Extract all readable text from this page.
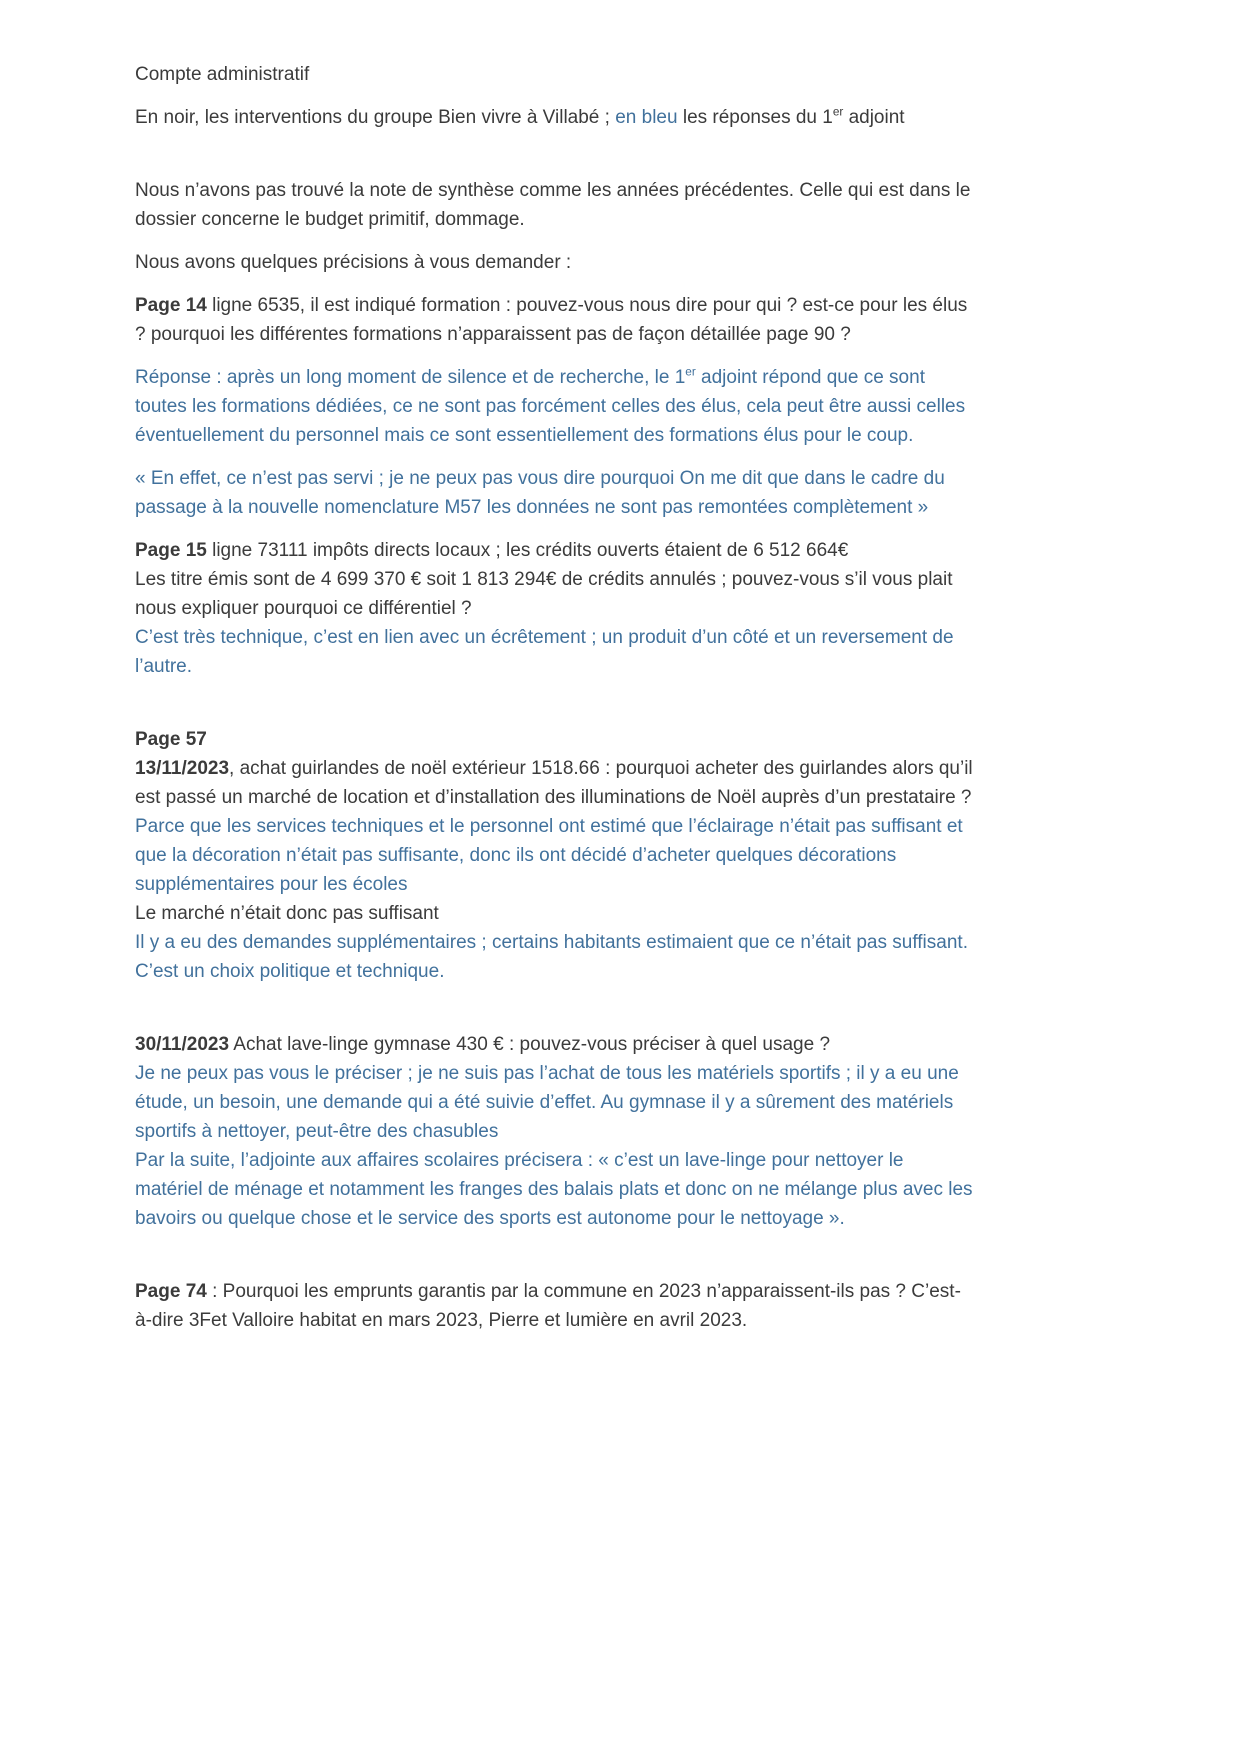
Compte administratif

En noir, les interventions du groupe Bien vivre à Villabé ; en bleu les réponses du 1er adjoint

Nous n’avons pas trouvé la note de synthèse comme les années précédentes. Celle qui est dans le dossier concerne le budget primitif, dommage.

Nous avons quelques précisions à vous demander :

Page 14 ligne 6535, il est indiqué formation : pouvez-vous nous dire pour qui ? est-ce pour les élus ? pourquoi les différentes formations n’apparaissent pas de façon détaillée page 90 ?

Réponse : après un long moment de silence et de recherche, le 1er adjoint répond que ce sont toutes les formations dédiées, ce ne sont pas forcément celles des élus, cela peut être aussi celles éventuellement du personnel mais ce sont essentiellement des formations élus pour le coup.

« En effet, ce n’est pas servi ; je ne peux pas vous dire pourquoi On me dit que dans le cadre du passage à la nouvelle nomenclature M57 les données ne sont pas remontées complètement »

Page 15 ligne 73111 impôts directs locaux ; les crédits ouverts étaient de 6 512 664€
Les titre émis sont de 4 699 370 € soit 1 813 294€ de crédits annulés ; pouvez-vous s’il vous plait nous expliquer pourquoi ce différentiel ?

C’est très technique, c’est en lien avec un écrêtement ; un produit d’un côté et un reversement de l’autre.

Page 57

13/11/2023, achat guirlandes de noël extérieur 1518.66 : pourquoi acheter des guirlandes alors qu’il est passé un marché de location et d’installation des illuminations de Noël auprès d’un prestataire ?

Parce que les services techniques et le personnel ont estimé que l’éclairage n’était pas suffisant et que la décoration n’était pas suffisante, donc ils ont décidé d’acheter quelques décorations supplémentaires pour les écoles

Le marché n’était donc pas suffisant

Il y a eu des demandes supplémentaires ; certains habitants estimaient que ce n’était pas suffisant. C’est un choix politique et technique.

30/11/2023 Achat lave-linge gymnase 430 € : pouvez-vous préciser à quel usage ?

Je ne peux pas vous le préciser ; je ne suis pas l’achat de tous les matériels sportifs ; il y a eu une étude, un besoin, une demande qui a été suivie d’effet. Au gymnase il y a sûrement des matériels sportifs à nettoyer, peut-être des chasubles

Par la suite, l’adjointe aux affaires scolaires précisera : « c’est un lave-linge pour nettoyer le matériel de ménage et notamment les franges des balais plats et donc on ne mélange plus avec les bavoirs ou quelque chose et le service des sports est autonome pour le nettoyage ».

Page 74 : Pourquoi les emprunts garantis par la commune en 2023 n’apparaissent-ils pas ? C’est-à-dire 3Fet Valloire habitat en mars 2023, Pierre et lumière en avril 2023.
